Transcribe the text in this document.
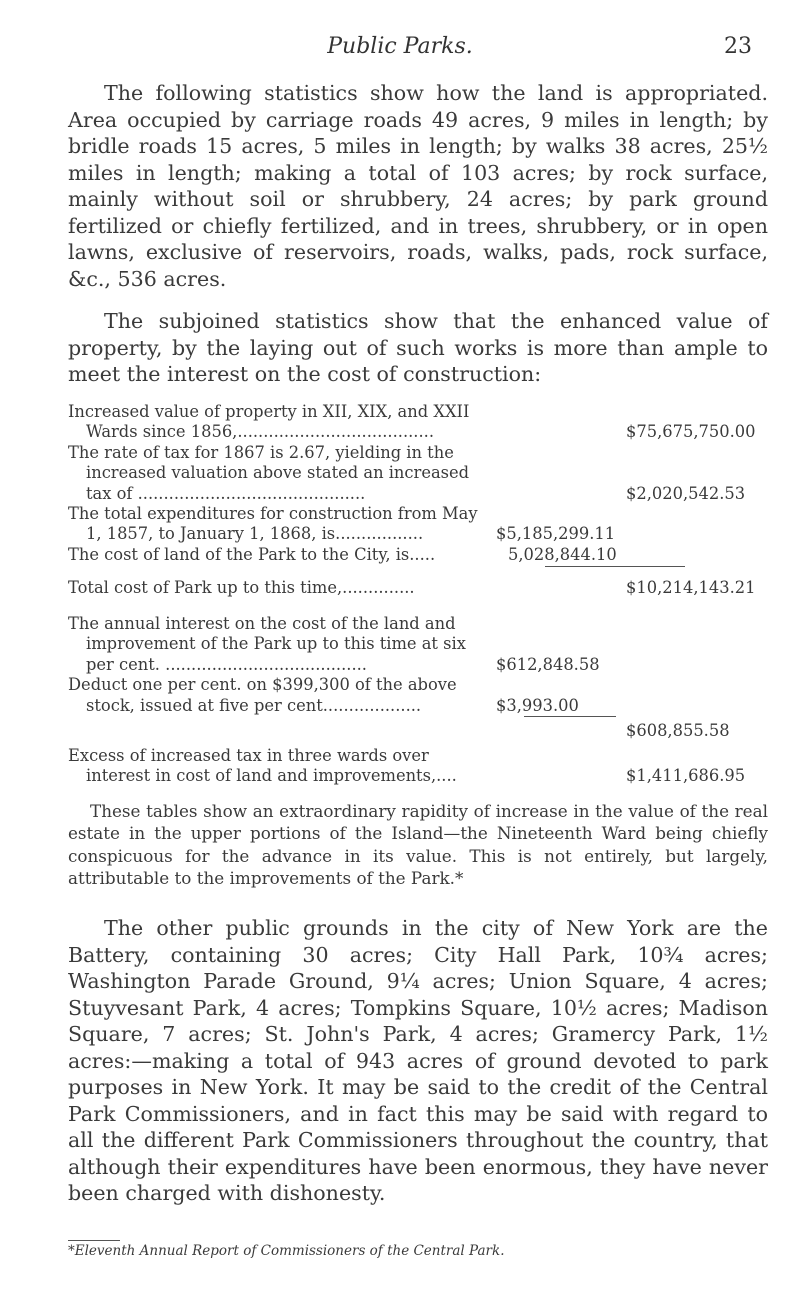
Public Parks.	23

The following statistics show how the land is appropriated. Area occupied by carriage roads 49 acres, 9 miles in length; by bridle roads 15 acres, 5 miles in length; by walks 38 acres, 25½ miles in length; making a total of 103 acres; by rock surface, mainly without soil or shrubbery, 24 acres; by park ground fertilized or chiefly fertilized, and in trees, shrubbery, or in open lawns, exclusive of reservoirs, roads, walks, pads, rock surface, &c., 536 acres.

The subjoined statistics show that the enhanced value of property, by the laying out of such works is more than ample to meet the interest on the cost of construction:

Increased value of property in XII, XIX, and XXII
Wards since 1856,......................................	$75,675,750.00
The rate of tax for 1867 is 2.67, yielding in the
increased valuation above stated an increased
tax of ............................................	$2,020,542.53
The total expenditures for construction from May
1, 1857, to January 1, 1868, is.................	$5,185,299.11
The cost of land of the Park to the City, is.....	5,028,844.10
Total cost of Park up to this time,..............	$10,214,143.21
The annual interest on the cost of the land and
improvement of the Park up to this time at six
per cent. .......................................	$612,848.58
Deduct one per cent. on $399,300 of the above
stock, issued at five per cent...................	$3,993.00
$608,855.58
Excess of increased tax in three wards over
interest in cost of land and improvements,....	$1,411,686.95

These tables show an extraordinary rapidity of increase in the value of the real estate in the upper portions of the Island—the Nineteenth Ward being chiefly conspicuous for the advance in its value. This is not entirely, but largely, attributable to the improvements of the Park.*

The other public grounds in the city of New York are the Battery, containing 30 acres; City Hall Park, 10¾ acres; Washington Parade Ground, 9¼ acres; Union Square, 4 acres; Stuyvesant Park, 4 acres; Tompkins Square, 10½ acres; Madison Square, 7 acres; St. John's Park, 4 acres; Gramercy Park, 1½ acres:—making a total of 943 acres of ground devoted to park purposes in New York. It may be said to the credit of the Central Park Commissioners, and in fact this may be said with regard to all the different Park Commissioners throughout the country, that although their expenditures have been enormous, they have never been charged with dishonesty.

*Eleventh Annual Report of Commissioners of the Central Park.
